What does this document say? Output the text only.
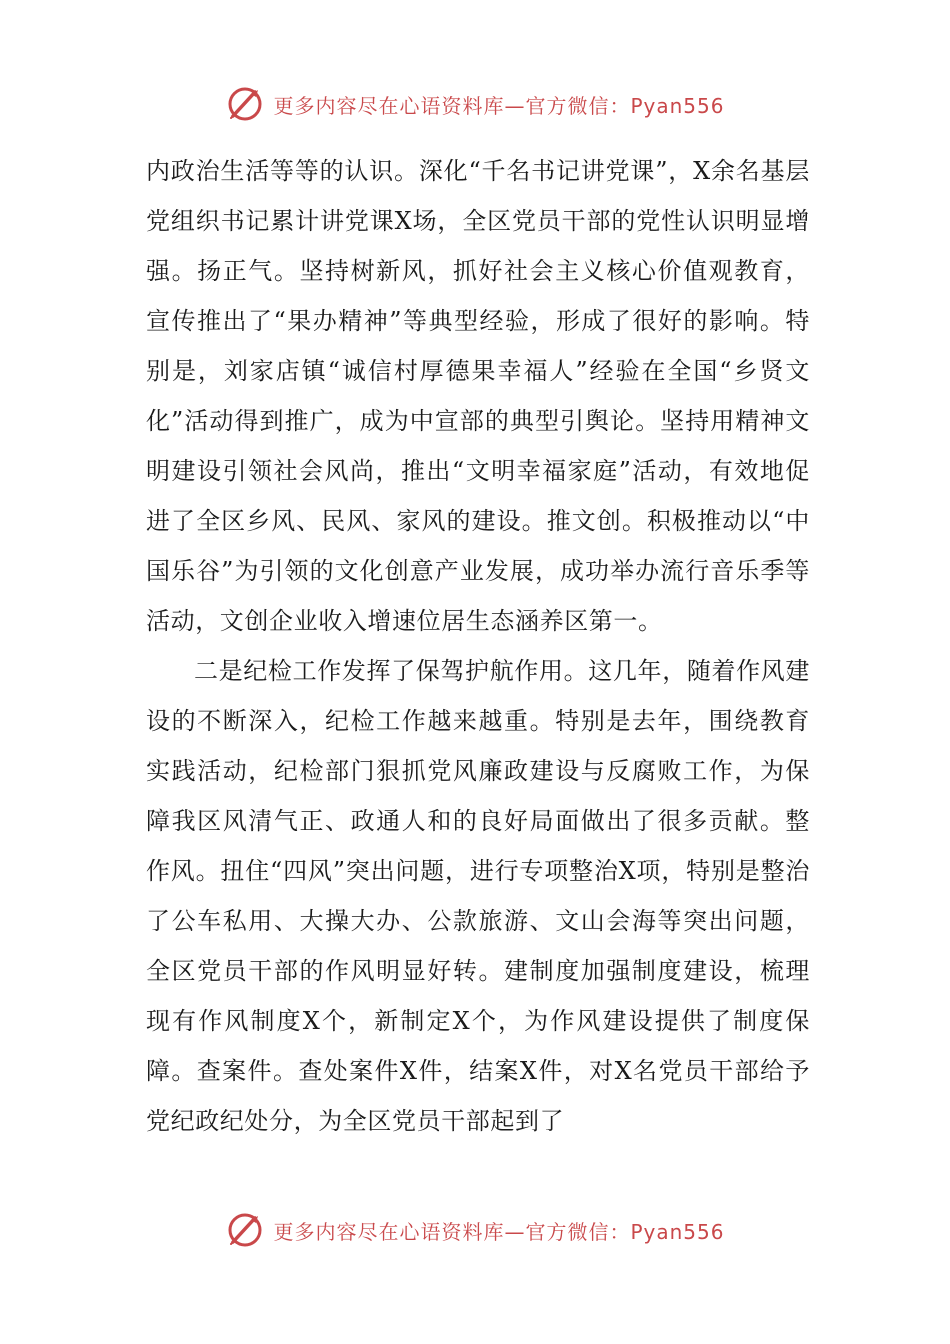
更多内容尽在心语资料库—官方微信：Pyan556

内政治生活等等的认识。深化“千名书记讲党课”，X余名基层党组织书记累计讲党课X场，全区党员干部的党性认识明显增强。扬正气。坚持树新风，抓好社会主义核心价值观教育，宣传推出了“果办精神”等典型经验，形成了很好的影响。特别是，刘家店镇“诚信村厚德果幸福人”经验在全国“乡贤文化”活动得到推广，成为中宣部的典型引舆论。坚持用精神文明建设引领社会风尚，推出“文明幸福家庭”活动，有效地促进了全区乡风、民风、家风的建设。推文创。积极推动以“中国乐谷”为引领的文化创意产业发展，成功举办流行音乐季等活动，文创企业收入增速位居生态涵养区第一。

二是纪检工作发挥了保驾护航作用。这几年，随着作风建设的不断深入，纪检工作越来越重。特别是去年，围绕教育实践活动，纪检部门狠抓党风廉政建设与反腐败工作，为保障我区风清气正、政通人和的良好局面做出了很多贡献。整作风。扭住“四风”突出问题，进行专项整治X项，特别是整治了公车私用、大操大办、公款旅游、文山会海等突出问题，全区党员干部的作风明显好转。建制度加强制度建设，梳理现有作风制度X个，新制定X个，为作风建设提供了制度保障。查案件。查处案件X件，结案X件，对X名党员干部给予党纪政纪处分，为全区党员干部起到了

更多内容尽在心语资料库—官方微信：Pyan556
